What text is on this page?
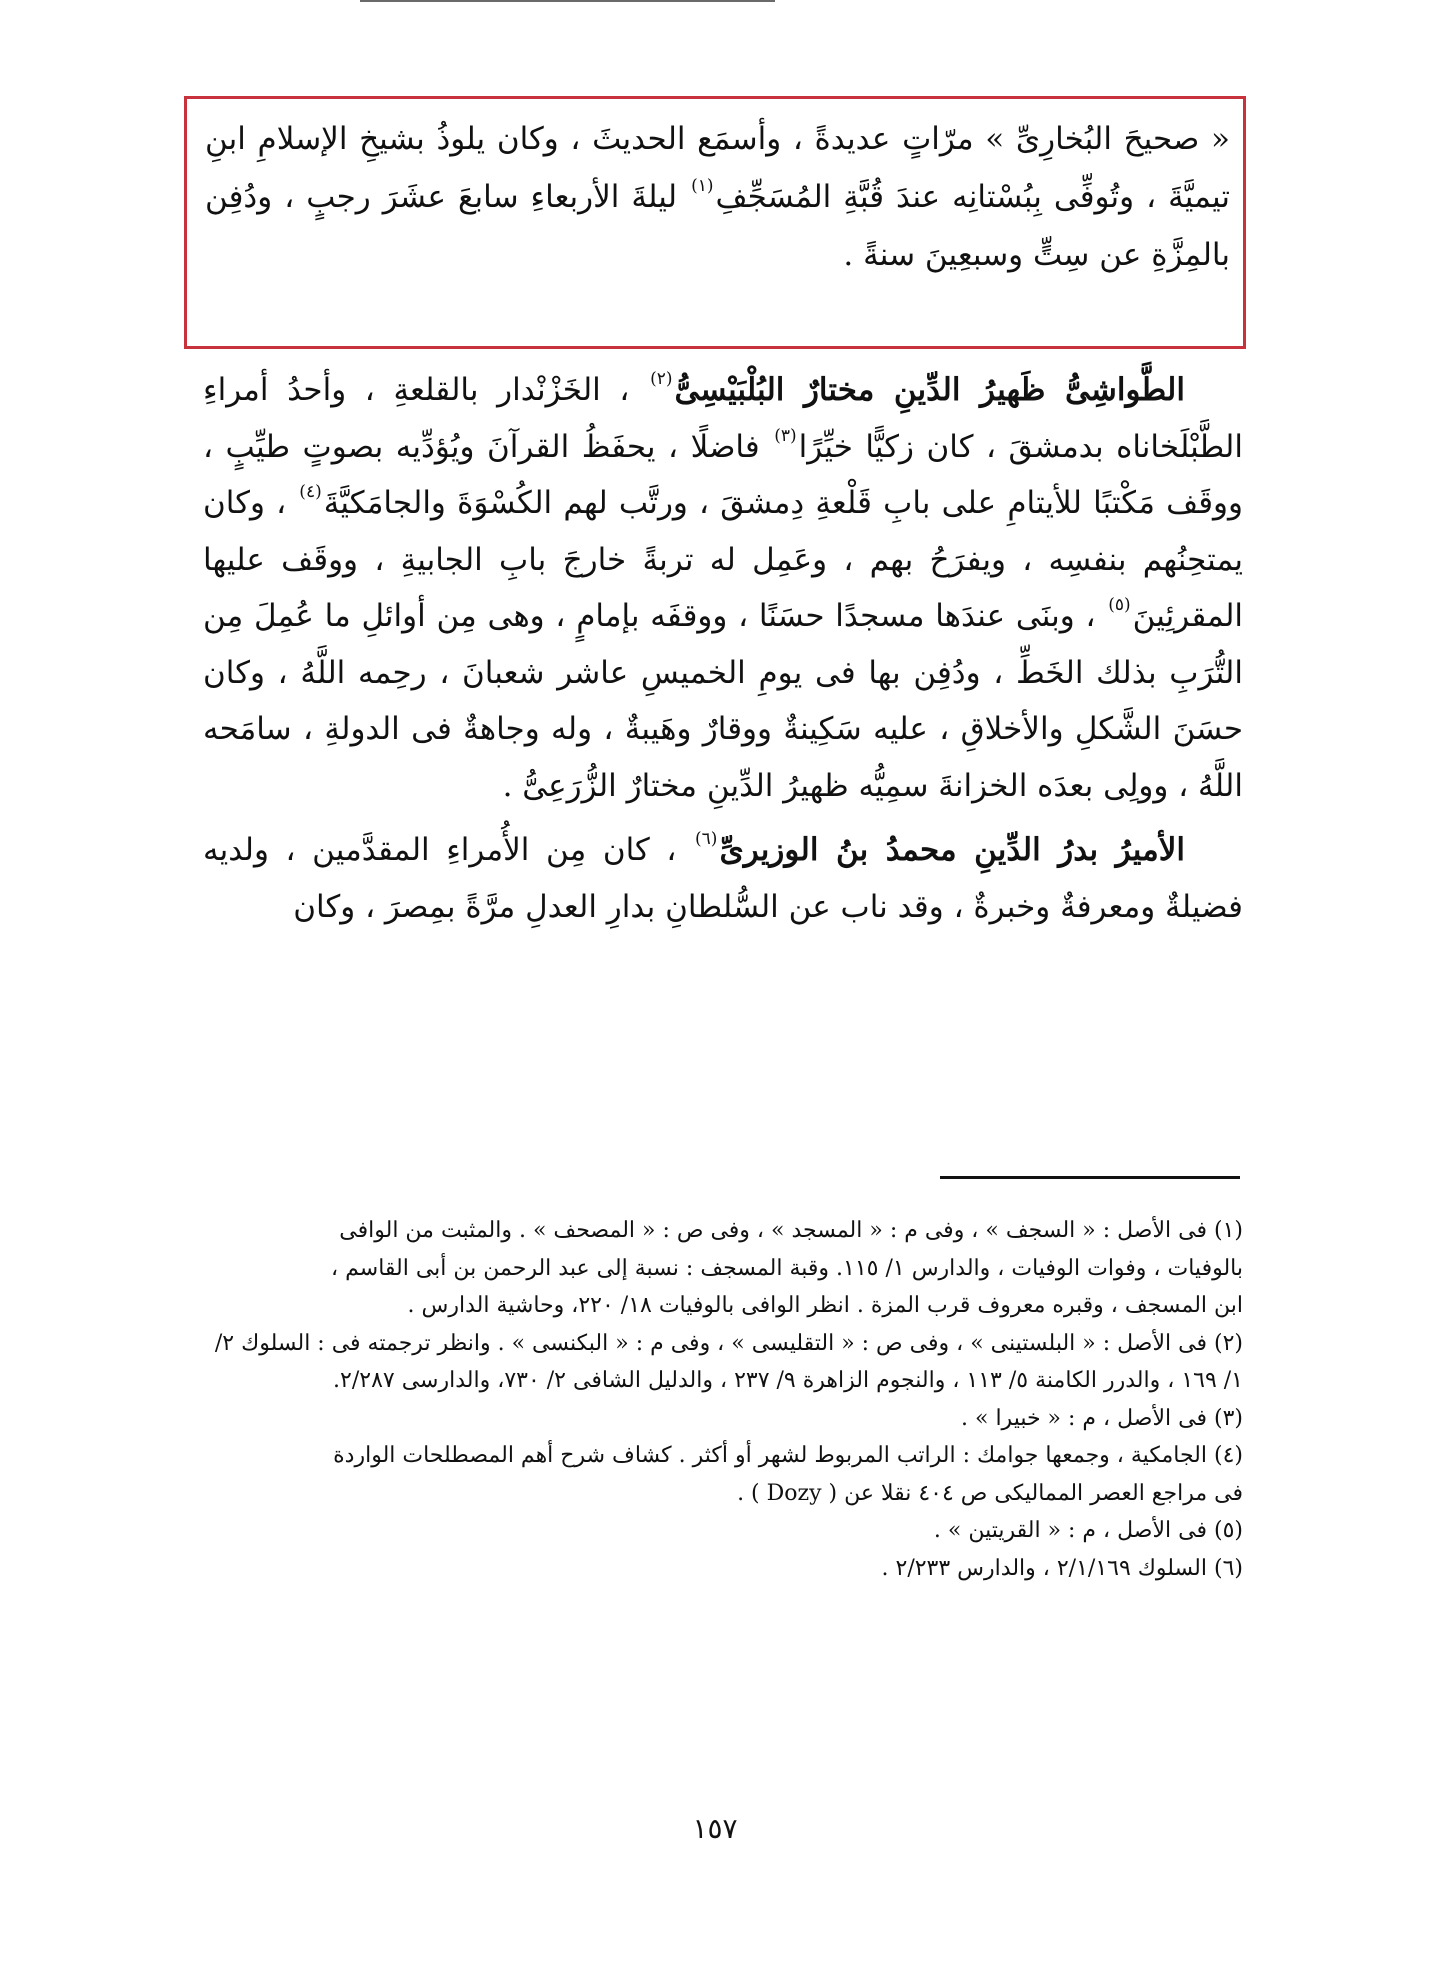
« صحيحَ البُخارِىِّ » مرّاتٍ عديدةً ، وأسمَع الحديثَ ، وكان يلوذُ بشيخِ الإسلامِ ابنِ تيميَّةَ ، وتُوفِّى بِبُسْتانِه عندَ قُبَّةِ المُسَجِّفِ$^{(١)}$ ليلةَ الأربعاءِ سابعَ عشَرَ رجبٍ ، ودُفِن بالمِزَّةِ عن سِتٍّ وسبعِينَ سنةً .

الطَّواشِىُّ ظَهيرُ الدِّينِ مختارٌ البُلْبَيْسِىُّ$^{(٢)}$ ، الخَزْنْدار بالقلعةِ ، وأحدُ أمراءِ الطَّبْلَخاناه بدمشقَ ، كان زكيًّا خيِّرًا$^{(٣)}$ فاضلًا ، يحفَظُ القرآنَ ويُؤدِّيه بصوتٍ طيِّبٍ ، ووقَف مَكْتبًا للأيتامِ على بابِ قَلْعةِ دِمشقَ ، ورتَّب لهم الكُسْوَةَ والجامَكيَّةَ$^{(٤)}$ ، وكان يمتحِنُهم بنفسِه ، ويفرَحُ بهم ، وعَمِل له تربةً خارجَ بابِ الجابيةِ ، ووقَف عليها المقرئِينَ$^{(٥)}$ ، وبنَى عندَها مسجدًا حسَنًا ، ووقفَه بإمامٍ ، وهى مِن أوائلِ ما عُمِلَ مِن التُّرَبِ بذلك الخَطِّ ، ودُفِن بها فى يومِ الخميسِ عاشر شعبانَ ، رحِمه اللَّهُ ، وكان حسَنَ الشَّكلِ والأخلاقِ ، عليه سَكِينةٌ ووقارٌ وهَيبةٌ ، وله وجاهةٌ فى الدولةِ ، سامَحه اللَّهُ ، وولِى بعدَه الخزانةَ سمِيُّه ظهيرُ الدِّينِ مختارٌ الزُّرَعِىُّ .

الأميرُ بدرُ الدِّينِ محمدُ بنُ الوزيرىِّ$^{(٦)}$ ، كان مِن الأُمراءِ المقدَّمين ، ولديه فضيلةٌ ومعرفةٌ وخبرةٌ ، وقد ناب عن السُّلطانِ بدارِ العدلِ مرَّةً بمِصرَ ، وكان

(١) فى الأصل : « السجف » ، وفى م : « المسجد » ، وفى ص : « المصحف » . والمثبت من الوافى

بالوفيات ، وفوات الوفيات ، والدارس ١/ ١١٥. وقبة المسجف : نسبة إلى عبد الرحمن بن أبى القاسم ،

ابن المسجف ، وقبره معروف قرب المزة . انظر الوافى بالوفيات ١٨/ ٢٢٠، وحاشية الدارس .

(٢) فى الأصل : « البلستينى » ، وفى ص : « التقليسى » ، وفى م : « البكنسى » . وانظر ترجمته فى : السلوك ٢/

١/ ١٦٩ ، والدرر الكامنة ٥/ ١١٣ ، والنجوم الزاهرة ٩/ ٢٣٧ ، والدليل الشافى ٢/ ٧٣٠، والدارسى ٢/٢٨٧.

(٣) فى الأصل ، م : « خبيرا » .

(٤) الجامكية ، وجمعها جوامك : الراتب المربوط لشهر أو أكثر . كشاف شرح أهم المصطلحات الواردة

فى مراجع العصر المماليكى ص ٤٠٤ نقلا عن ( Dozy ) .

(٥) فى الأصل ، م : « القريتين » .

(٦) السلوك ٢/١/١٦٩ ، والدارس ٢/٢٣٣ .

١٥٧
